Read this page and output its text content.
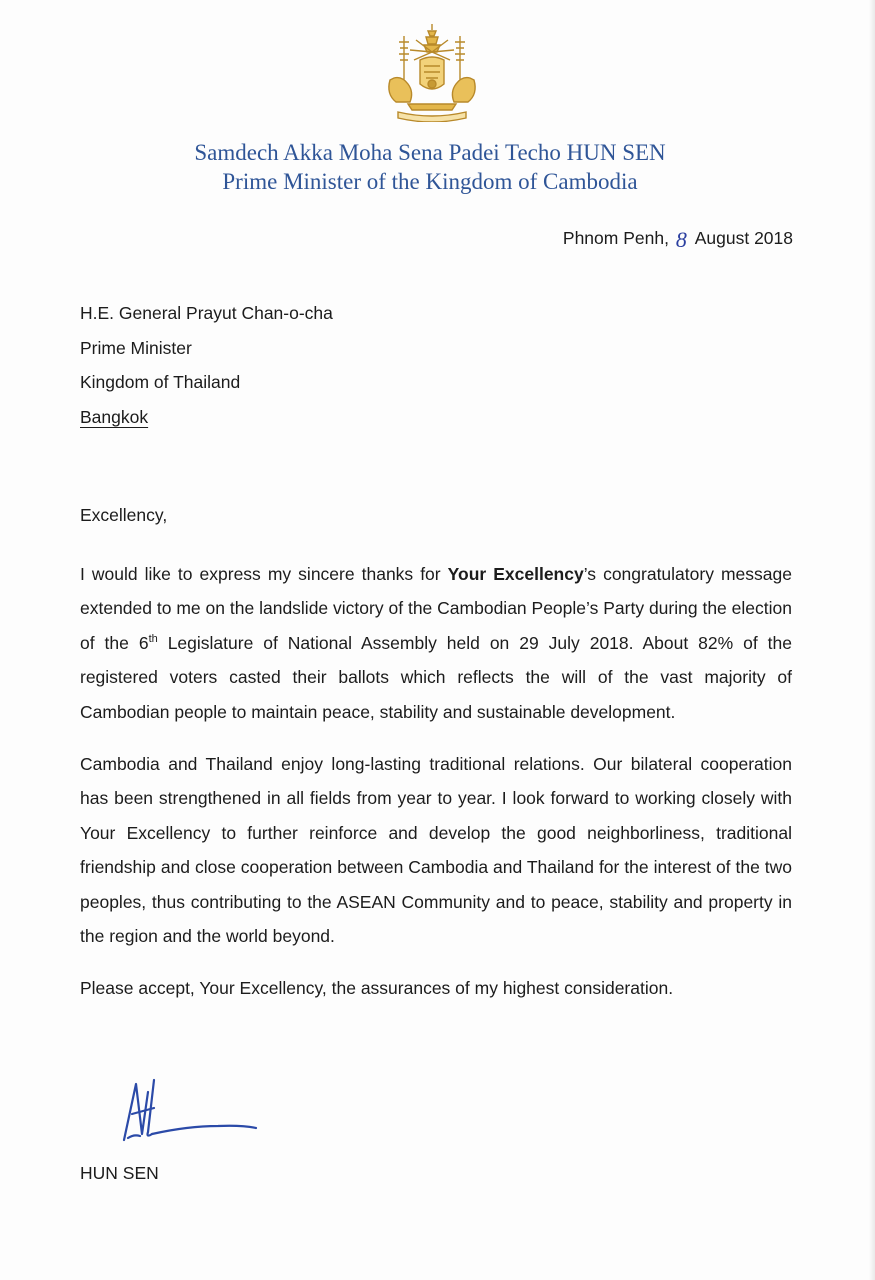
Samdech Akka Moha Sena Padei Techo HUN SEN
Prime Minister of the Kingdom of Cambodia
Phnom Penh, 8 August 2018
H.E. General Prayut Chan-o-cha
Prime Minister
Kingdom of Thailand
Bangkok
Excellency,

I would like to express my sincere thanks for Your Excellency’s congratulatory message extended to me on the landslide victory of the Cambodian People’s Party during the election of the 6th Legislature of National Assembly held on 29 July 2018. About 82% of the registered voters casted their ballots which reflects the will of the vast majority of Cambodian people to maintain peace, stability and sustainable development.

Cambodia and Thailand enjoy long-lasting traditional relations. Our bilateral cooperation has been strengthened in all fields from year to year. I look forward to working closely with Your Excellency to further reinforce and develop the good neighborliness, traditional friendship and close cooperation between Cambodia and Thailand for the interest of the two peoples, thus contributing to the ASEAN Community and to peace, stability and property in the region and the world beyond.

Please accept, Your Excellency, the assurances of my highest consideration.

HUN SEN
